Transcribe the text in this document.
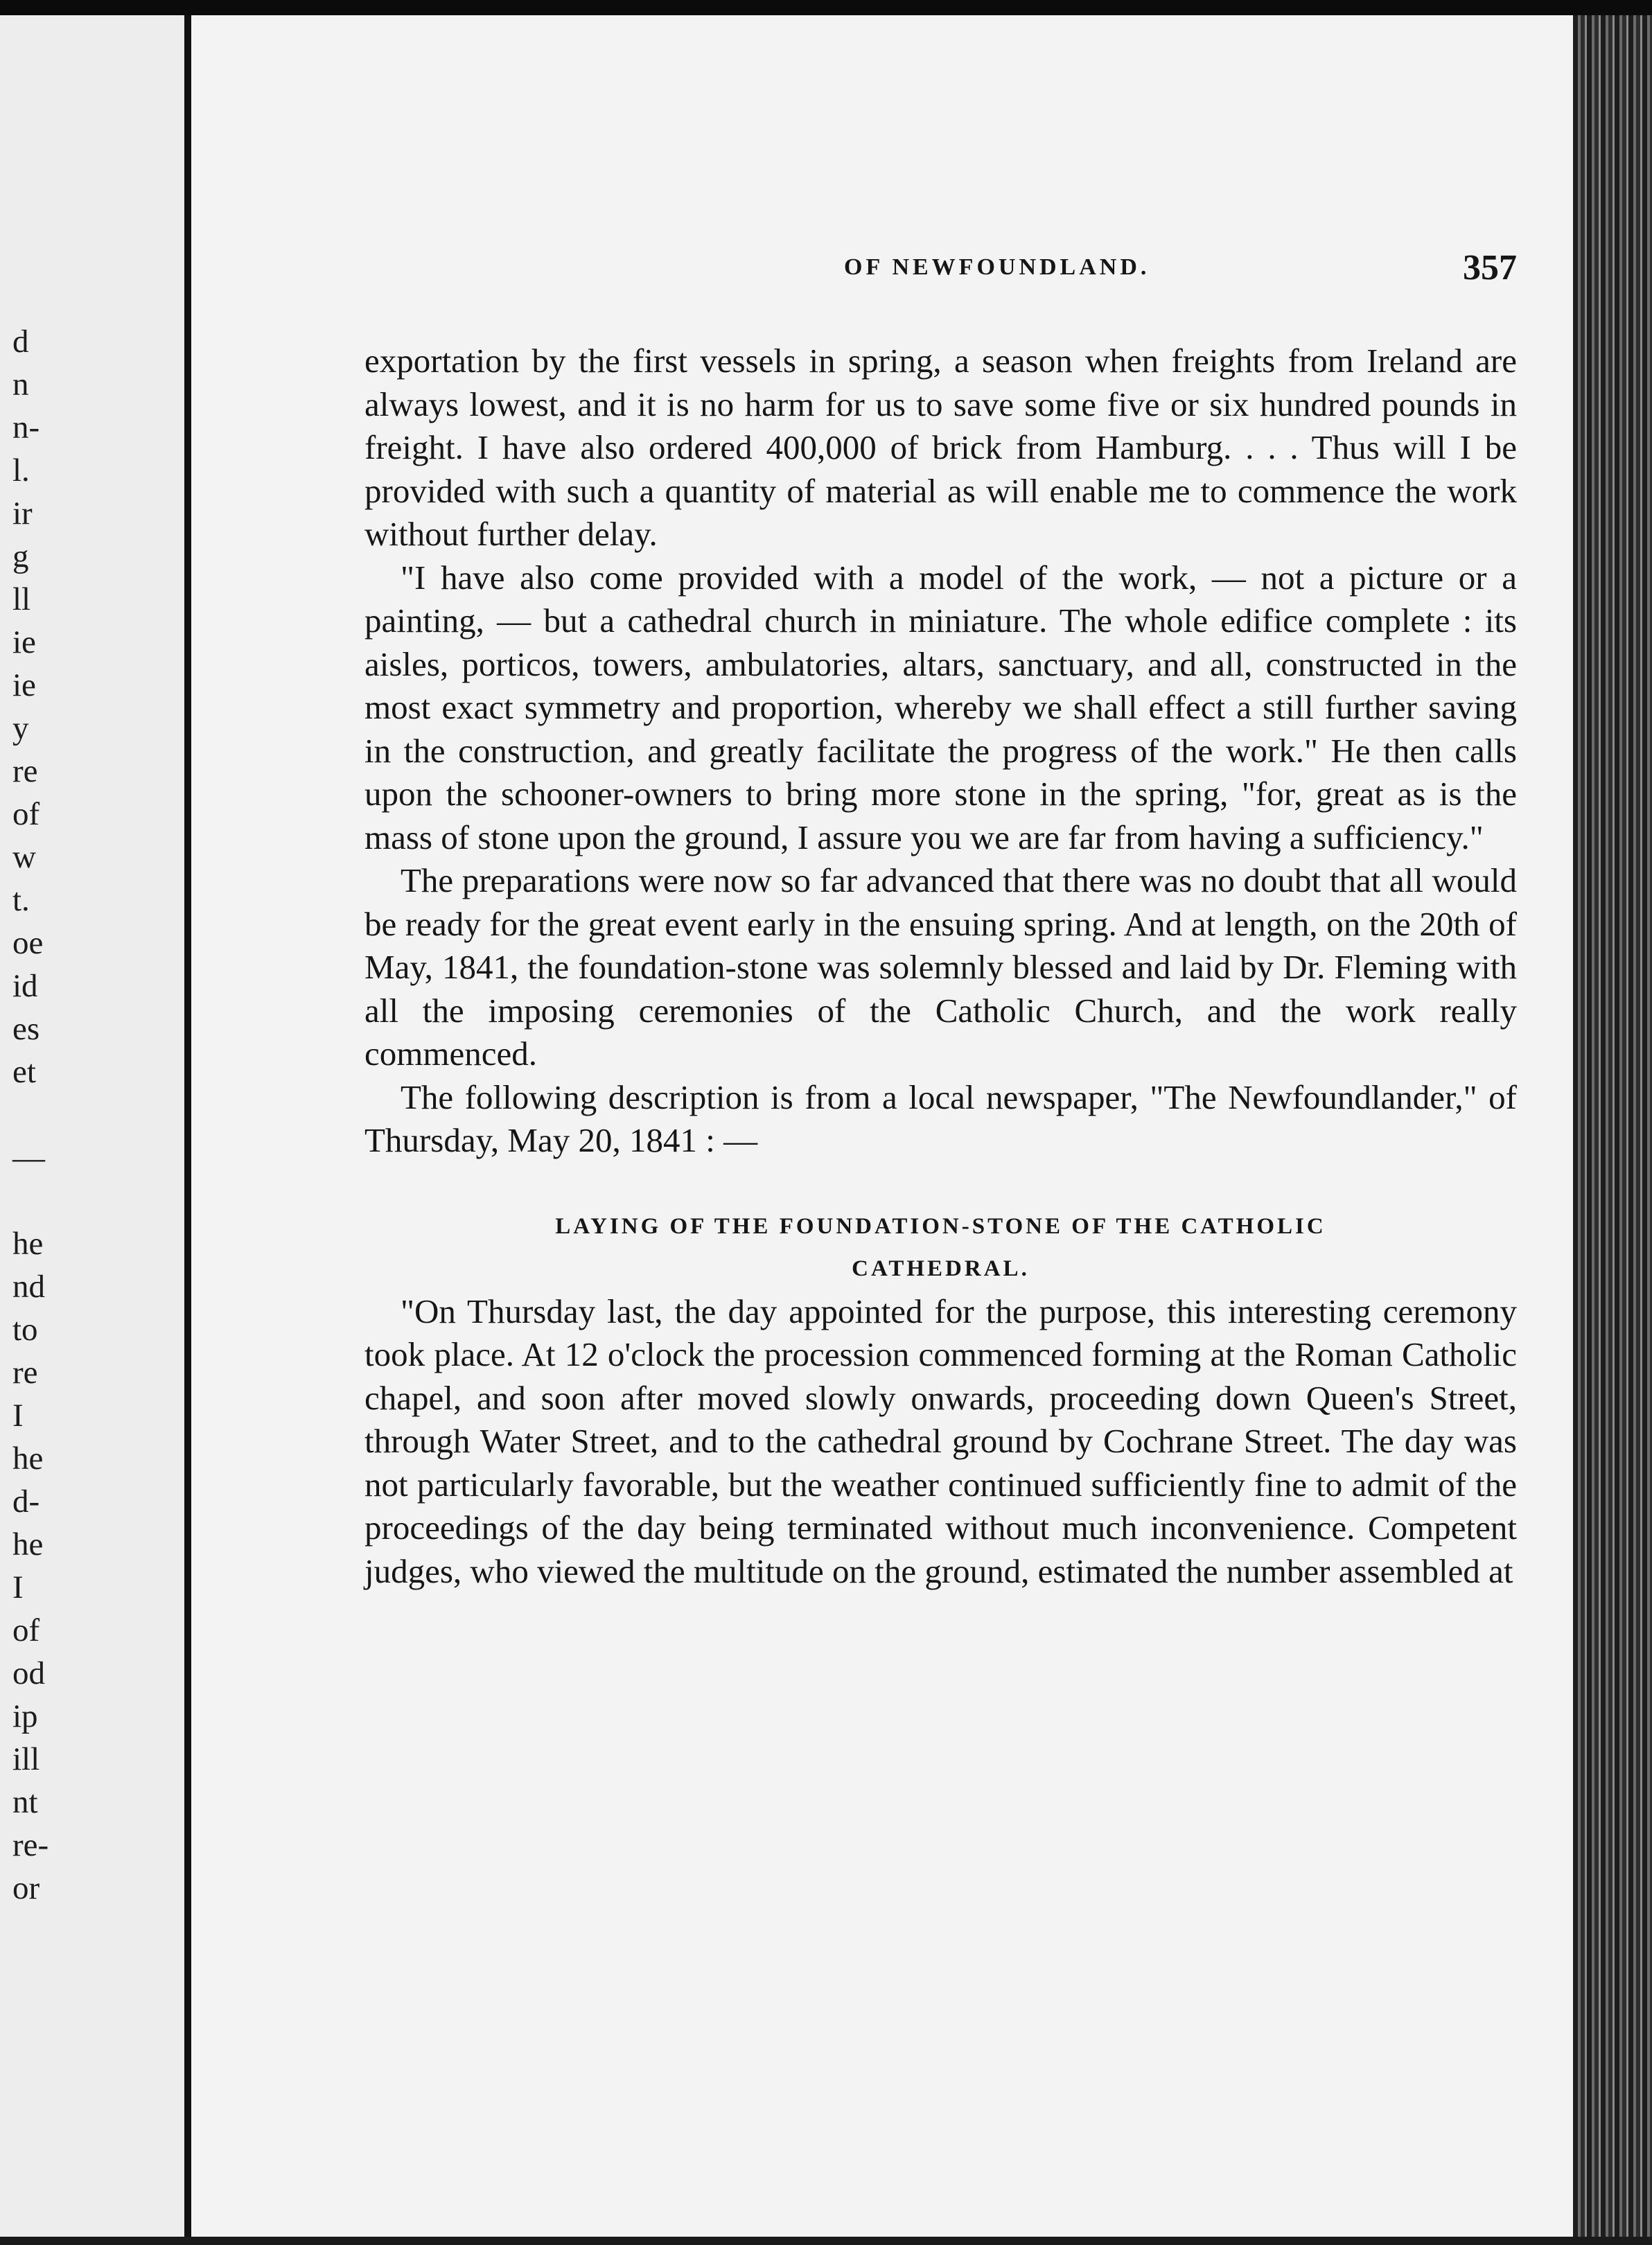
d
n
n-
l.
ir
g
ll
ie
ie
y
re
of
w
t.
oe
id
es
et

—

he
nd
to
re
I
he
d-
he
I
of
od
ip
ill
nt
re-
or
OF NEWFOUNDLAND.	357

exportation by the first vessels in spring, a season when freights from Ireland are always lowest, and it is no harm for us to save some five or six hundred pounds in freight. I have also ordered 400,000 of brick from Hamburg. . . . Thus will I be provided with such a quantity of material as will enable me to commence the work without further delay.

"I have also come provided with a model of the work, — not a picture or a painting, — but a cathedral church in miniature. The whole edifice complete : its aisles, porticos, towers, ambulatories, altars, sanctuary, and all, constructed in the most exact symmetry and proportion, whereby we shall effect a still further saving in the construction, and greatly facilitate the progress of the work." He then calls upon the schooner-owners to bring more stone in the spring, "for, great as is the mass of stone upon the ground, I assure you we are far from having a sufficiency."

The preparations were now so far advanced that there was no doubt that all would be ready for the great event early in the ensuing spring. And at length, on the 20th of May, 1841, the foundation-stone was solemnly blessed and laid by Dr. Fleming with all the imposing ceremonies of the Catholic Church, and the work really commenced.

The following description is from a local newspaper, "The Newfoundlander," of Thursday, May 20, 1841 : —

LAYING OF THE FOUNDATION-STONE OF THE CATHOLIC
CATHEDRAL.

"On Thursday last, the day appointed for the purpose, this interesting ceremony took place. At 12 o'clock the procession commenced forming at the Roman Catholic chapel, and soon after moved slowly onwards, proceeding down Queen's Street, through Water Street, and to the cathedral ground by Cochrane Street. The day was not particularly favorable, but the weather continued sufficiently fine to admit of the proceedings of the day being terminated without much inconvenience. Competent judges, who viewed the multitude on the ground, estimated the number assembled at
